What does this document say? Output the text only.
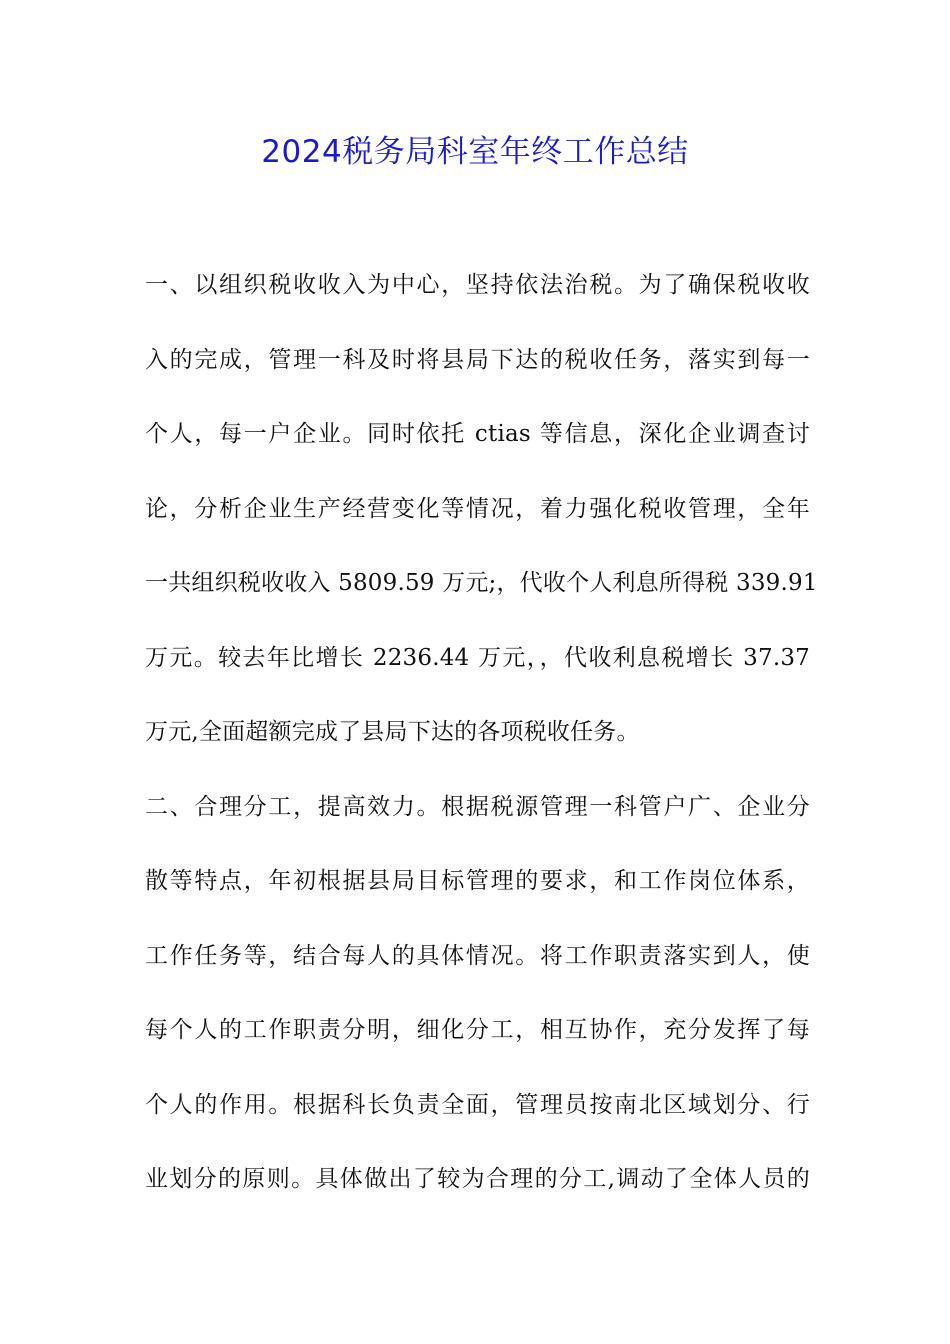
2024税务局科室年终工作总结
一、以组织税收收入为中心，坚持依法治税。为了确保税收收
入的完成，管理一科及时将县局下达的税收任务，落实到每一
个人，每一户企业。同时依托 ctias 等信息，深化企业调查讨
论，分析企业生产经营变化等情况，着力强化税收管理，全年
一共组织税收收入 5809.59 万元;，代收个人利息所得税 339.91
万元。较去年比增长 2236.44 万元，，代收利息税增长 37.37
万元,全面超额完成了县局下达的各项税收任务。
二、合理分工，提高效力。根据税源管理一科管户广、企业分
散等特点，年初根据县局目标管理的要求，和工作岗位体系，
工作任务等，结合每人的具体情况。将工作职责落实到人，使
每个人的工作职责分明，细化分工，相互协作，充分发挥了每
个人的作用。根据科长负责全面，管理员按南北区域划分、行
业划分的原则。具体做出了较为合理的分工,调动了全体人员的
